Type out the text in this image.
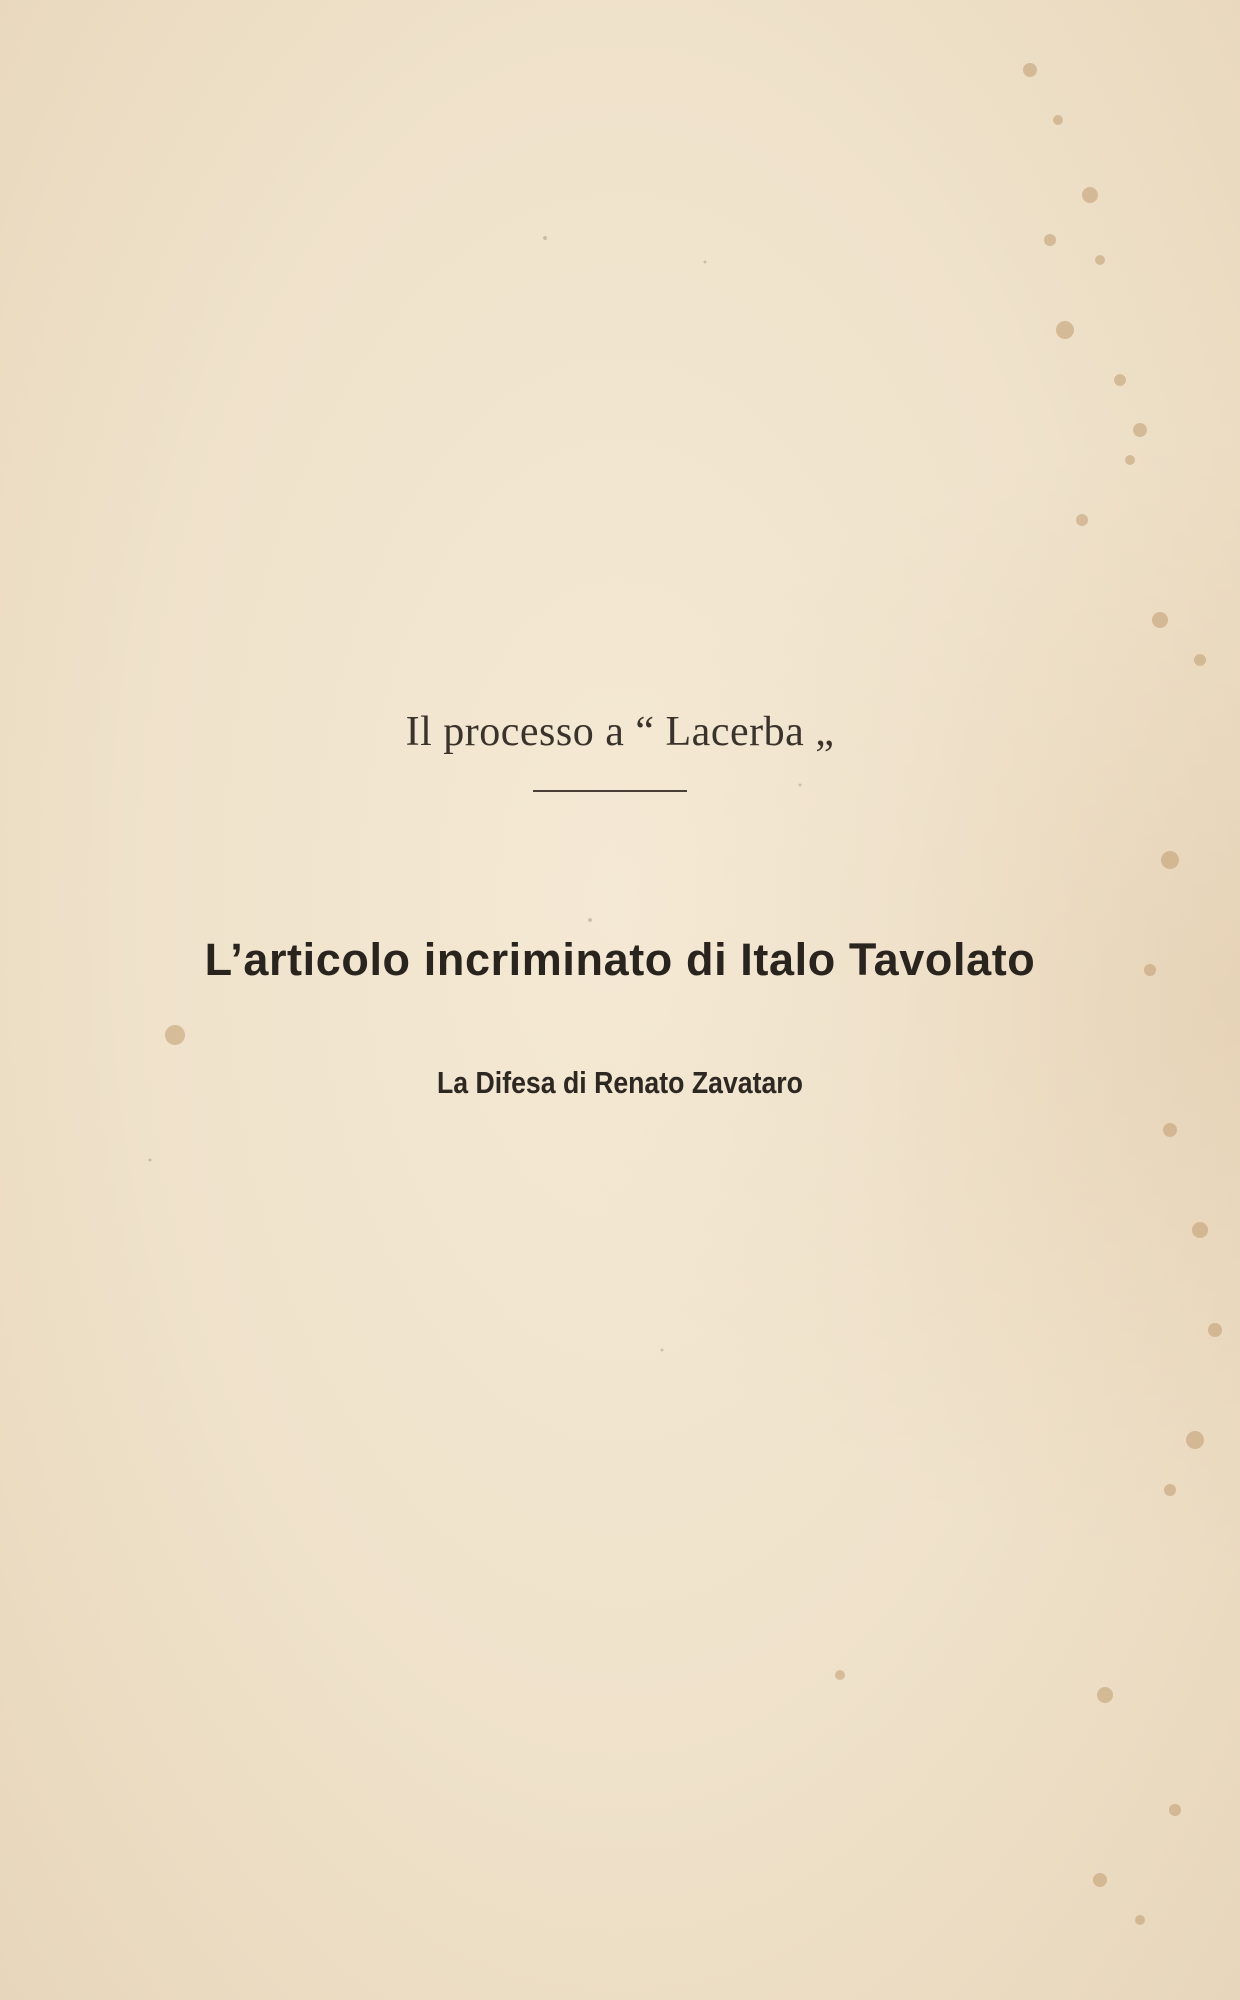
Il processo a “ Lacerba „
L’articolo incriminato di Italo Tavolato
La Difesa di Renato Zavataro
